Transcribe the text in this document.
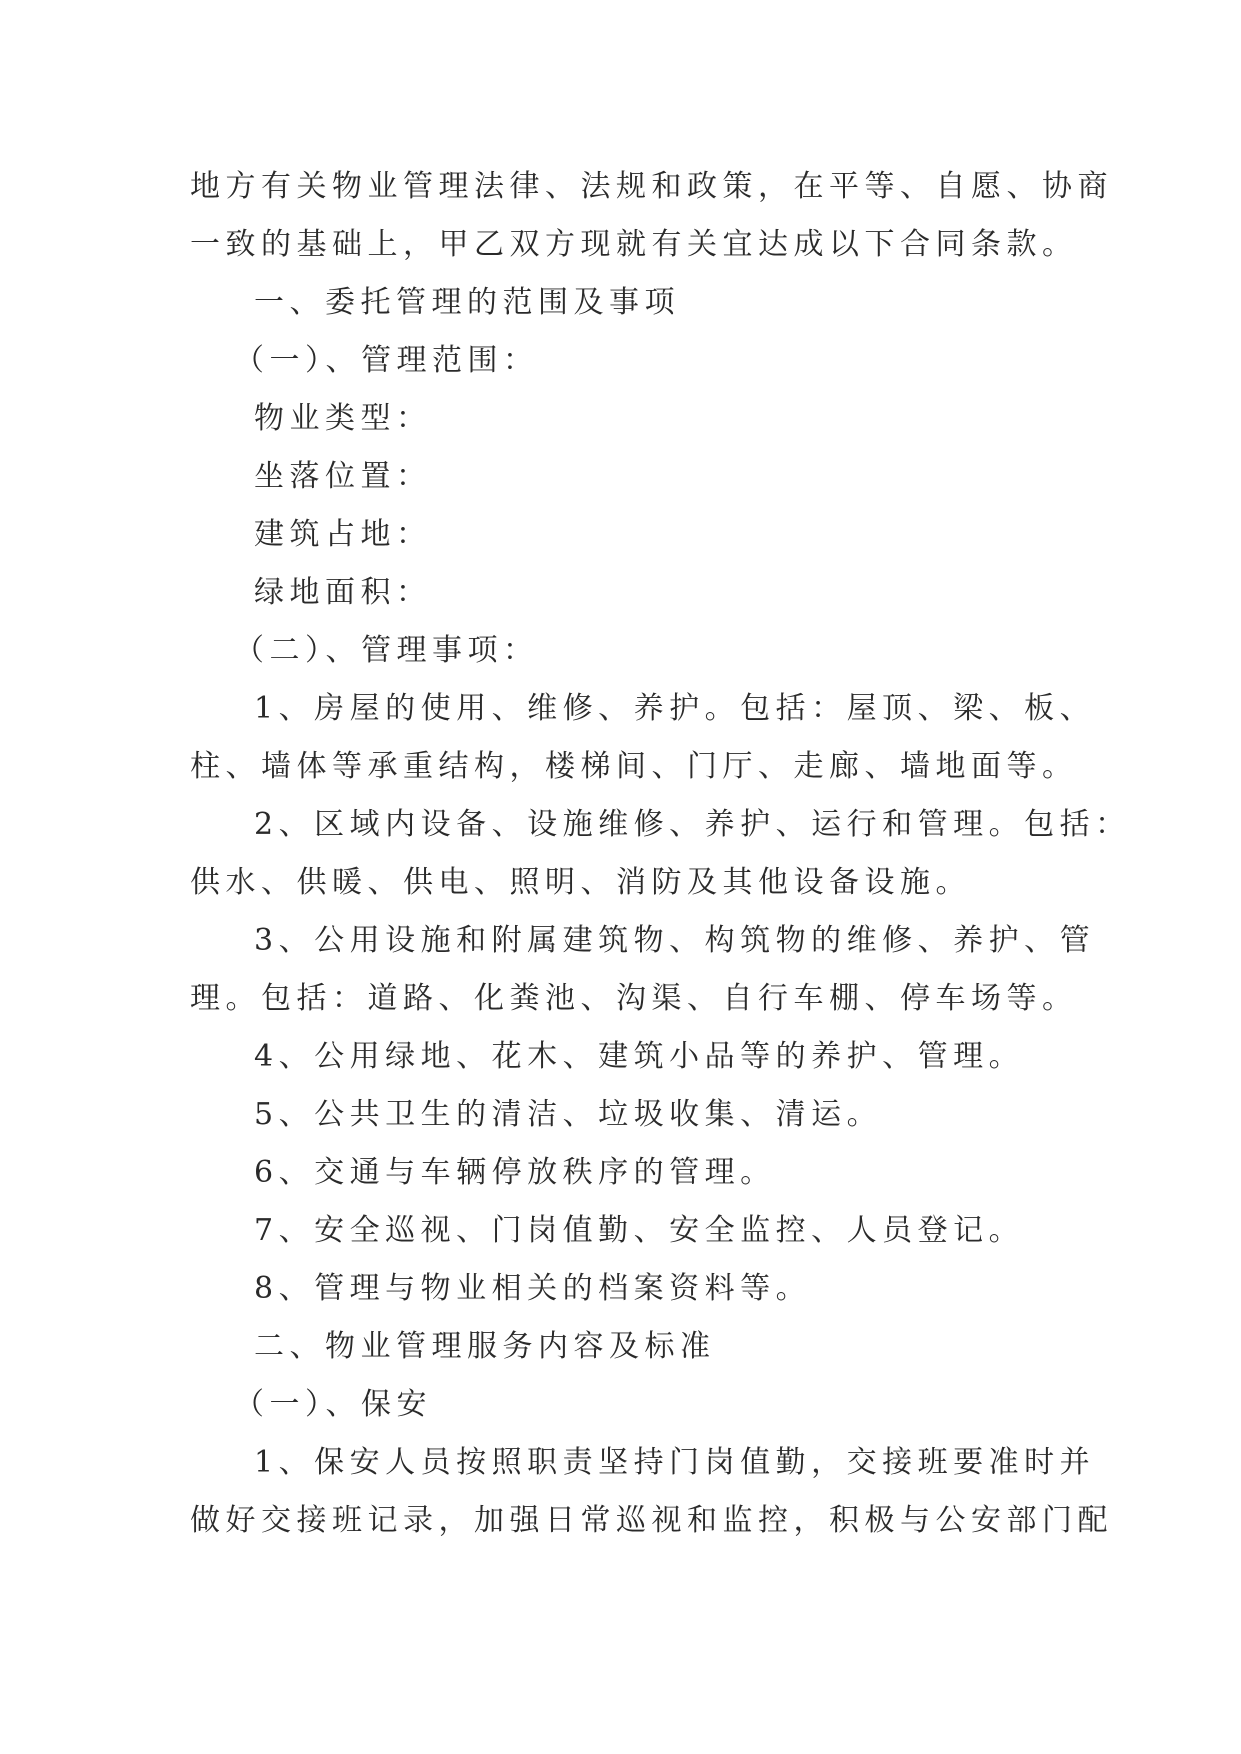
地方有关物业管理法律、法规和政策，在平等、自愿、协商
一致的基础上，甲乙双方现就有关宜达成以下合同条款。
一、委托管理的范围及事项
（一）、管理范围：
物业类型：
坐落位置：
建筑占地：
绿地面积：
（二）、管理事项：
1、房屋的使用、维修、养护。包括：屋顶、梁、板、
柱、墙体等承重结构，楼梯间、门厅、走廊、墙地面等。
2、区域内设备、设施维修、养护、运行和管理。包括：
供水、供暖、供电、照明、消防及其他设备设施。
3、公用设施和附属建筑物、构筑物的维修、养护、管
理。包括：道路、化粪池、沟渠、自行车棚、停车场等。
4、公用绿地、花木、建筑小品等的养护、管理。
5、公共卫生的清洁、垃圾收集、清运。
6、交通与车辆停放秩序的管理。
7、安全巡视、门岗值勤、安全监控、人员登记。
8、管理与物业相关的档案资料等。
二、物业管理服务内容及标准
（一）、保安
1、保安人员按照职责坚持门岗值勤，交接班要准时并
做好交接班记录，加强日常巡视和监控，积极与公安部门配
